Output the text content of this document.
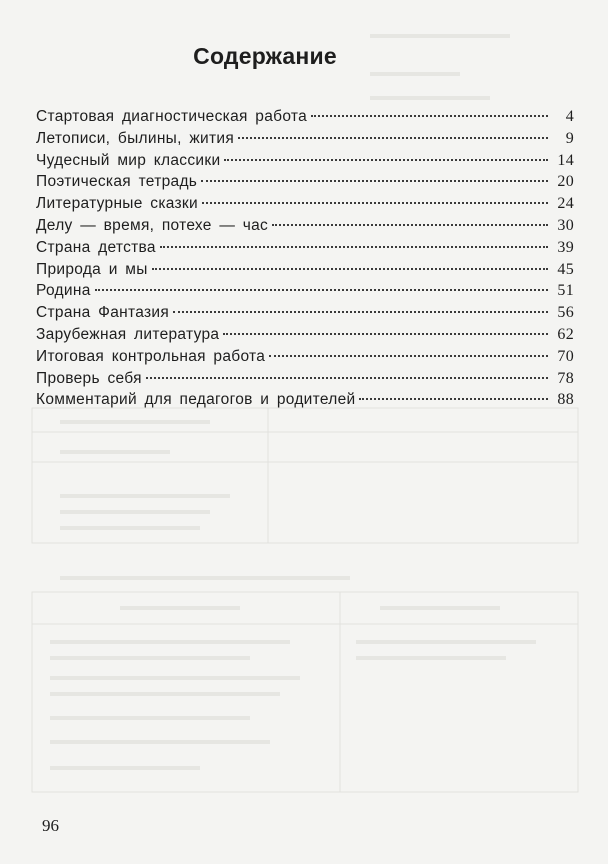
Содержание
Стартовая диагностическая работа	4
Летописи, былины, жития	9
Чудесный мир классики	14
Поэтическая тетрадь	20
Литературные сказки	24
Делу — время, потехе — час	30
Страна детства	39
Природа и мы	45
Родина	51
Страна Фантазия	56
Зарубежная литература	62
Итоговая контрольная работа	70
Проверь себя	78
Комментарий для педагогов и родителей	88
96
